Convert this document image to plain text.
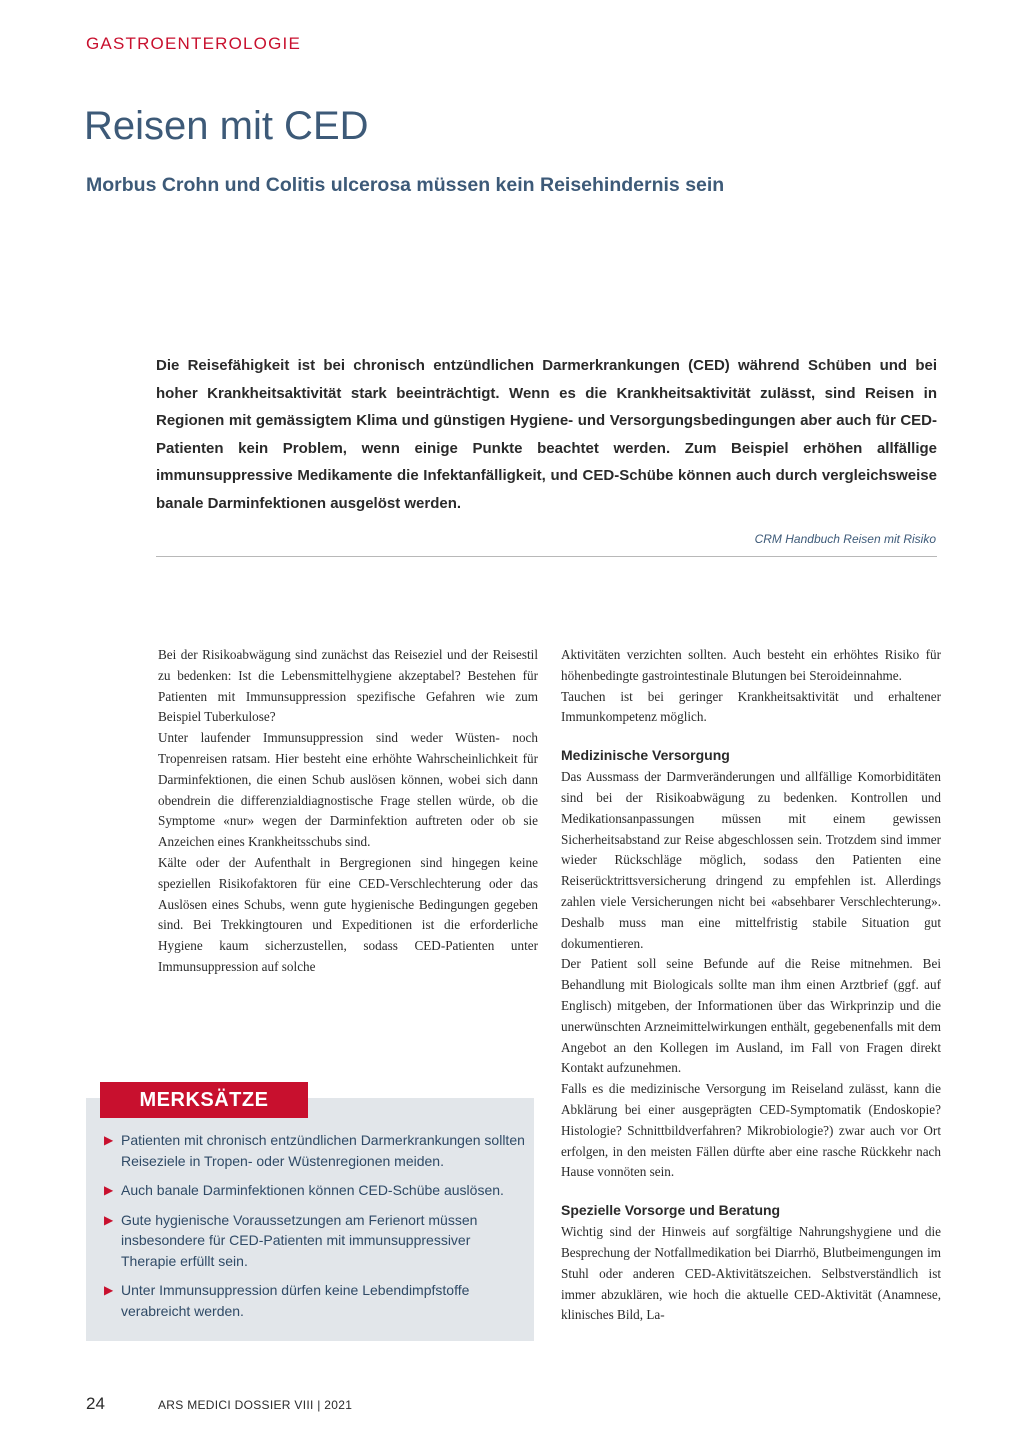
GASTROENTEROLOGIE
Reisen mit CED
Morbus Crohn und Colitis ulcerosa müssen kein Reisehindernis sein

Die Reisefähigkeit ist bei chronisch entzündlichen Darmerkrankungen (CED) während Schüben und bei hoher Krankheitsaktivität stark beeinträchtigt. Wenn es die Krankheitsaktivität zulässt, sind Reisen in Regionen mit gemässigtem Klima und günstigen Hygiene- und Versorgungsbedingungen aber auch für CED-Patienten kein Problem, wenn einige Punkte beachtet werden. Zum Beispiel erhöhen allfällige immunsuppressive Medikamente die Infektanfälligkeit, und CED-Schübe können auch durch vergleichsweise banale Darminfektionen ausgelöst werden.

CRM Handbuch Reisen mit Risiko

Bei der Risikoabwägung sind zunächst das Reiseziel und der Reisestil zu bedenken: Ist die Lebensmittelhygiene akzeptabel? Bestehen für Patienten mit Immunsuppression spezifische Gefahren wie zum Beispiel Tuberkulose?

Unter laufender Immunsuppression sind weder Wüsten- noch Tropenreisen ratsam. Hier besteht eine erhöhte Wahrscheinlichkeit für Darminfektionen, die einen Schub auslösen können, wobei sich dann obendrein die differenzialdiagnostische Frage stellen würde, ob die Symptome «nur» wegen der Darminfektion auftreten oder ob sie Anzeichen eines Krankheitsschubs sind.

Kälte oder der Aufenthalt in Bergregionen sind hingegen keine speziellen Risikofaktoren für eine CED-Verschlechterung oder das Auslösen eines Schubs, wenn gute hygienische Bedingungen gegeben sind. Bei Trekkingtouren und Expeditionen ist die erforderliche Hygiene kaum sicherzustellen, sodass CED-Patienten unter Immunsuppression auf solche

Aktivitäten verzichten sollten. Auch besteht ein erhöhtes Risiko für höhenbedingte gastrointestinale Blutungen bei Steroideinnahme.

Tauchen ist bei geringer Krankheitsaktivität und erhaltener Immunkompetenz möglich.

Medizinische Versorgung

Das Aussmass der Darmveränderungen und allfällige Komorbiditäten sind bei der Risikoabwägung zu bedenken. Kontrollen und Medikationsanpassungen müssen mit einem gewissen Sicherheitsabstand zur Reise abgeschlossen sein. Trotzdem sind immer wieder Rückschläge möglich, sodass den Patienten eine Reiserücktrittsversicherung dringend zu empfehlen ist. Allerdings zahlen viele Versicherungen nicht bei «absehbarer Verschlechterung». Deshalb muss man eine mittelfristig stabile Situation gut dokumentieren.

Der Patient soll seine Befunde auf die Reise mitnehmen. Bei Behandlung mit Biologicals sollte man ihm einen Arztbrief (ggf. auf Englisch) mitgeben, der Informationen über das Wirkprinzip und die unerwünschten Arzneimittelwirkungen enthält, gegebenenfalls mit dem Angebot an den Kollegen im Ausland, im Fall von Fragen direkt Kontakt aufzunehmen.

Falls es die medizinische Versorgung im Reiseland zulässt, kann die Abklärung bei einer ausgeprägten CED-Symptomatik (Endoskopie? Histologie? Schnittbildverfahren? Mikrobiologie?) zwar auch vor Ort erfolgen, in den meisten Fällen dürfte aber eine rasche Rückkehr nach Hause vonnöten sein.

Spezielle Vorsorge und Beratung

Wichtig sind der Hinweis auf sorgfältige Nahrungshygiene und die Besprechung der Notfallmedikation bei Diarrhö, Blutbeimengungen im Stuhl oder anderen CED-Aktivitätszeichen. Selbstverständlich ist immer abzuklären, wie hoch die aktuelle CED-Aktivität (Anamnese, klinisches Bild, La-

MERKSÄTZE
▶ Patienten mit chronisch entzündlichen Darmerkrankungen sollten Reiseziele in Tropen- oder Wüstenregionen meiden.
▶ Auch banale Darminfektionen können CED-Schübe auslösen.
▶ Gute hygienische Voraussetzungen am Ferienort müssen insbesondere für CED-Patienten mit immunsuppressiver Therapie erfüllt sein.
▶ Unter Immunsuppression dürfen keine Lebendimpfstoffe verabreicht werden.
24	ARS MEDICI DOSSIER VIII | 2021
